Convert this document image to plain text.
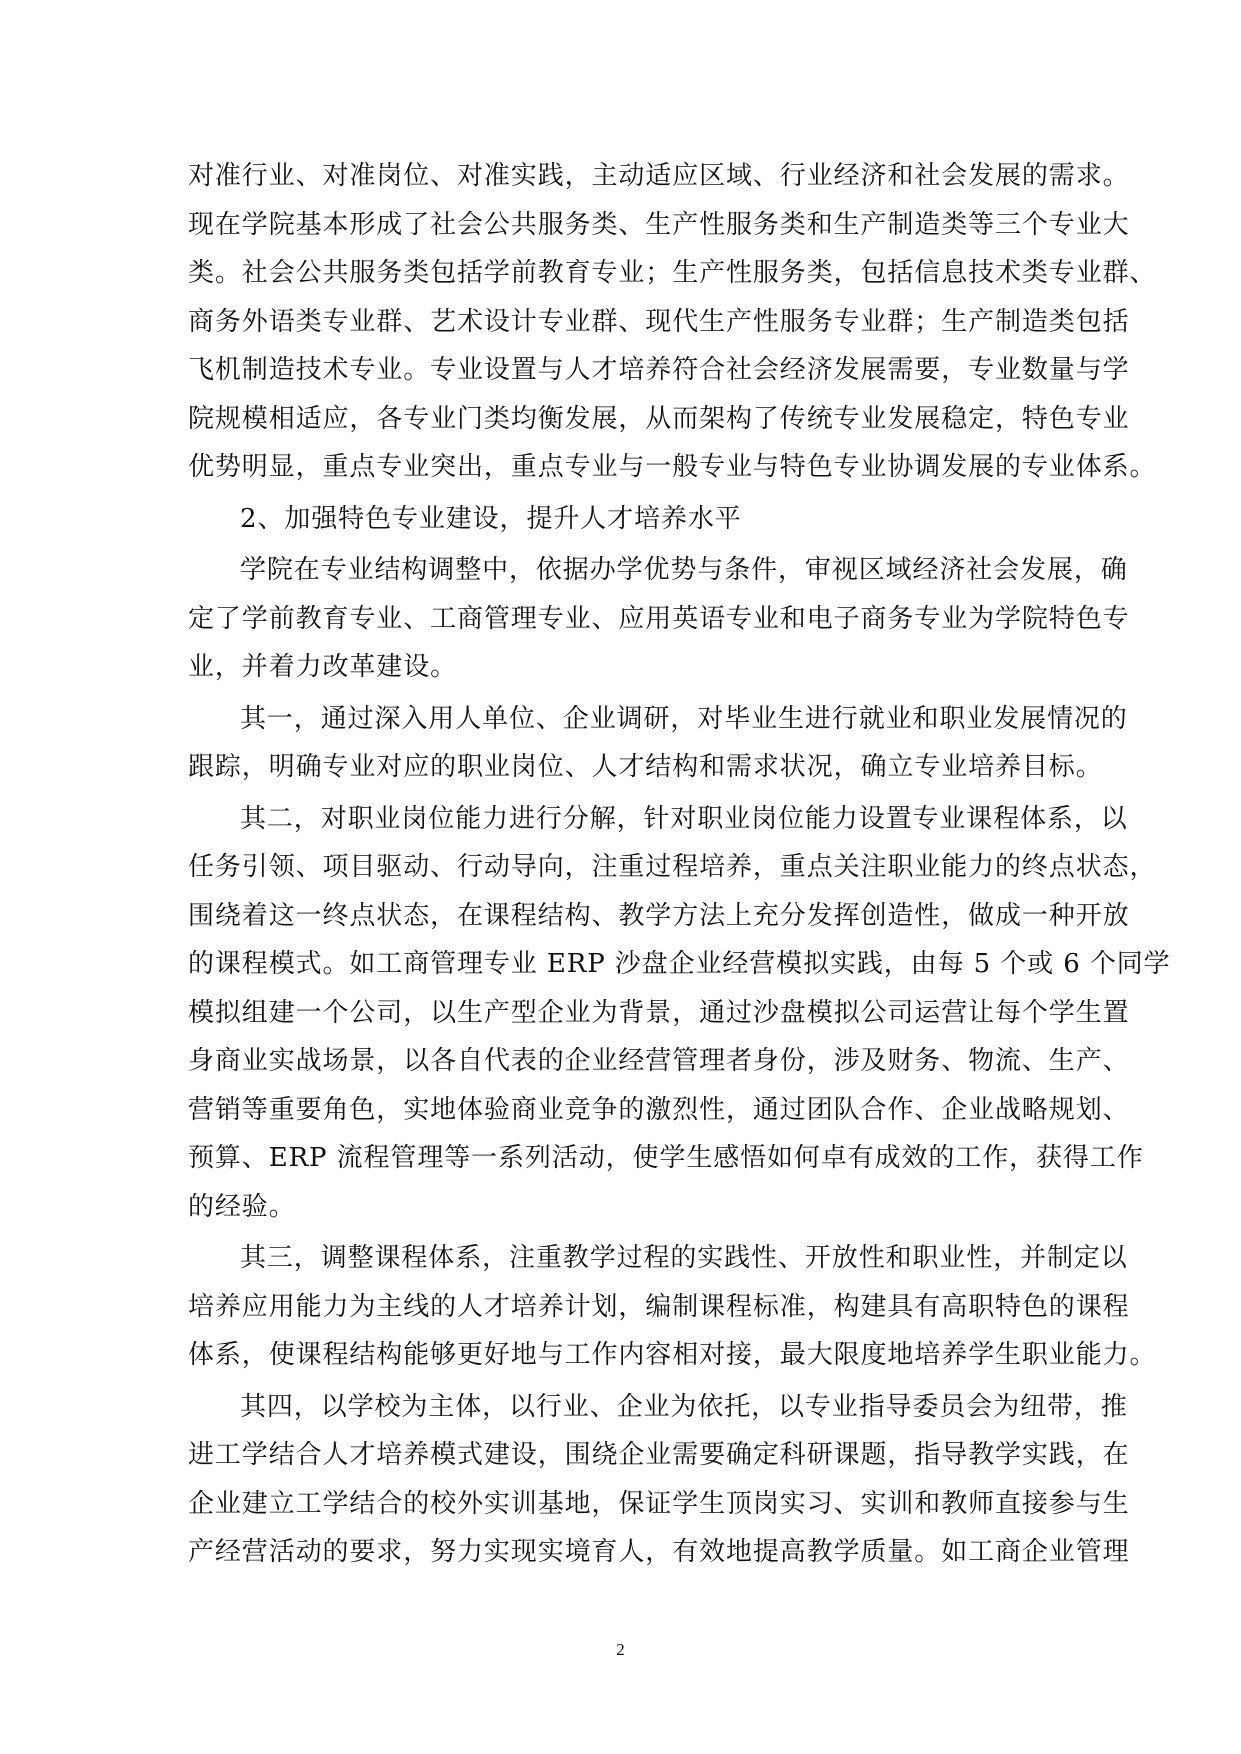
对准行业、对准岗位、对准实践，主动适应区域、行业经济和社会发展的需求。
现在学院基本形成了社会公共服务类、生产性服务类和生产制造类等三个专业大
类。社会公共服务类包括学前教育专业；生产性服务类，包括信息技术类专业群、
商务外语类专业群、艺术设计专业群、现代生产性服务专业群；生产制造类包括
飞机制造技术专业。专业设置与人才培养符合社会经济发展需要，专业数量与学
院规模相适应，各专业门类均衡发展，从而架构了传统专业发展稳定，特色专业
优势明显，重点专业突出，重点专业与一般专业与特色专业协调发展的专业体系。
2、加强特色专业建设，提升人才培养水平
学院在专业结构调整中，依据办学优势与条件，审视区域经济社会发展，确
定了学前教育专业、工商管理专业、应用英语专业和电子商务专业为学院特色专
业，并着力改革建设。
其一，通过深入用人单位、企业调研，对毕业生进行就业和职业发展情况的
跟踪，明确专业对应的职业岗位、人才结构和需求状况，确立专业培养目标。
其二，对职业岗位能力进行分解，针对职业岗位能力设置专业课程体系，以
任务引领、项目驱动、行动导向，注重过程培养，重点关注职业能力的终点状态，
围绕着这一终点状态，在课程结构、教学方法上充分发挥创造性，做成一种开放
的课程模式。如工商管理专业 ERP 沙盘企业经营模拟实践，由每 5 个或 6 个同学
模拟组建一个公司，以生产型企业为背景，通过沙盘模拟公司运营让每个学生置
身商业实战场景，以各自代表的企业经营管理者身份，涉及财务、物流、生产、
营销等重要角色，实地体验商业竞争的激烈性，通过团队合作、企业战略规划、
预算、ERP 流程管理等一系列活动，使学生感悟如何卓有成效的工作，获得工作
的经验。
其三，调整课程体系，注重教学过程的实践性、开放性和职业性，并制定以
培养应用能力为主线的人才培养计划，编制课程标准，构建具有高职特色的课程
体系，使课程结构能够更好地与工作内容相对接，最大限度地培养学生职业能力。
其四，以学校为主体，以行业、企业为依托，以专业指导委员会为纽带，推
进工学结合人才培养模式建设，围绕企业需要确定科研课题，指导教学实践，在
企业建立工学结合的校外实训基地，保证学生顶岗实习、实训和教师直接参与生
产经营活动的要求，努力实现实境育人，有效地提高教学质量。如工商企业管理
2
